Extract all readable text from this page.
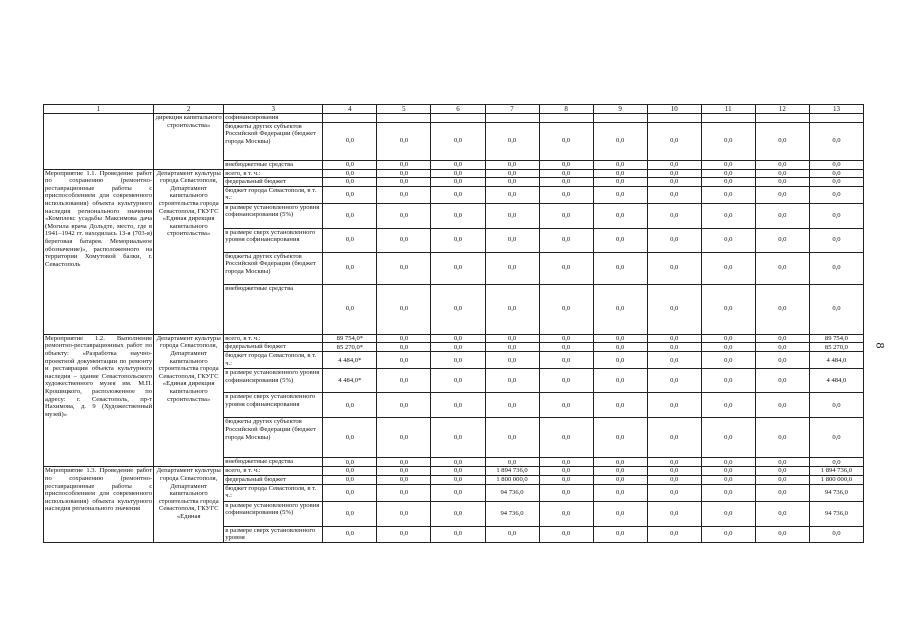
1	2	3	4	5	6	7	8	9	10	11	12	13
	дирекция капитального строительства»	софинансирования										
		бюджеты других субъектов Российской Федерации (бюджет города Москвы)	0,0	0,0	0,0	0,0	0,0	0,0	0,0	0,0	0,0	0,0
		внебюджетные средства	0,0	0,0	0,0	0,0	0,0	0,0	0,0	0,0	0,0	0,0
Мероприятие 1.1. Проведение работ по сохранению (ремонтно-реставрационные работы с приспособлением для современного использования) объекта культурного наследия регионального значения «Комплекс усадьбы Максимова дача (Могила врача Дольдте, место, где в 1941–1942 гг. находилась 13-я (703-я) береговая батарея. Мемориальное обозначение)», расположенного на территории Хомутовой балки, г. Севастополь	Департамент культуры города Севастополя, Департамент капитального строительства города Севастополя, ГКУГС «Единая дирекция капитального строительства»	всего, в т. ч.:	0,0	0,0	0,0	0,0	0,0	0,0	0,0	0,0	0,0	0,0
		федеральный бюджет	0,0	0,0	0,0	0,0	0,0	0,0	0,0	0,0	0,0	0,0
		бюджет города Севастополя, в т. ч.:	0,0	0,0	0,0	0,0	0,0	0,0	0,0	0,0	0,0	0,0
		в размере установленного уровня софинансирования (5%)	0,0	0,0	0,0	0,0	0,0	0,0	0,0	0,0	0,0	0,0
		в размере сверх установленного уровня софинансирования	0,0	0,0	0,0	0,0	0,0	0,0	0,0	0,0	0,0	0,0
		бюджеты других субъектов Российской Федерации (бюджет города Москвы)	0,0	0,0	0,0	0,0	0,0	0,0	0,0	0,0	0,0	0,0
		внебюджетные средства	0,0	0,0	0,0	0,0	0,0	0,0	0,0	0,0	0,0	0,0
Мероприятие 1.2. Выполнение ремонтно-реставрационных работ по объекту: «Разработка научно-проектной документации по ремонту и реставрации объекта культурного наследия – здание Севастопольского художественного музея им. М.П. Крошицкого, расположенное по адресу: г. Севастополь, пр-т Нахимова, д. 9 (Художественный музей)»	Департамент культуры города Севастополя, Департамент капитального строительства города Севастополя, ГКУГС «Единая дирекция капитального строительства»	всего, в т. ч.:	89 754,0*	0,0	0,0	0,0	0,0	0,0	0,0	0,0	0,0	89 754,0
		федеральный бюджет	85 270,0*	0,0	0,0	0,0	0,0	0,0	0,0	0,0	0,0	85 270,0
		бюджет города Севастополя, в т. ч.:	4 484,0*	0,0	0,0	0,0	0,0	0,0	0,0	0,0	0,0	4 484,0
		в размере установленного уровня софинансирования (5%)	4 484,0*	0,0	0,0	0,0	0,0	0,0	0,0	0,0	0,0	4 484,0
		в размере сверх установленного уровня софинансирования	0,0	0,0	0,0	0,0	0,0	0,0	0,0	0,0	0,0	0,0
		бюджеты других субъектов Российской Федерации (бюджет города Москвы)	0,0	0,0	0,0	0,0	0,0	0,0	0,0	0,0	0,0	0,0
		внебюджетные средства	0,0	0,0	0,0	0,0	0,0	0,0	0,0	0,0	0,0	0,0
Мероприятие 1.3. Проведение работ по сохранению (ремонтно-реставрационные работы с приспособлением для современного использования) объекта культурного наследия регионального значения	Департамент культуры города Севастополя, Департамент капитального строительства города Севастополя, ГКУГС «Единая	всего, в т. ч.:	0,0	0,0	0,0	1 894 736,0	0,0	0,0	0,0	0,0	0,0	1 894 736,0
		федеральный бюджет	0,0	0,0	0,0	1 800 000,0	0,0	0,0	0,0	0,0	0,0	1 800 000,0
		бюджет города Севастополя, в т. ч.:	0,0	0,0	0,0	94 736,0	0,0	0,0	0,0	0,0	0,0	94 736,0
		в размере установленного уровня софинансирования (5%)	0,0	0,0	0,0	94 736,0	0,0	0,0	0,0	0,0	0,0	94 736,0
		в размере сверх установленного уровня	0,0	0,0	0,0	0,0	0,0	0,0	0,0	0,0	0,0	0,0
8
